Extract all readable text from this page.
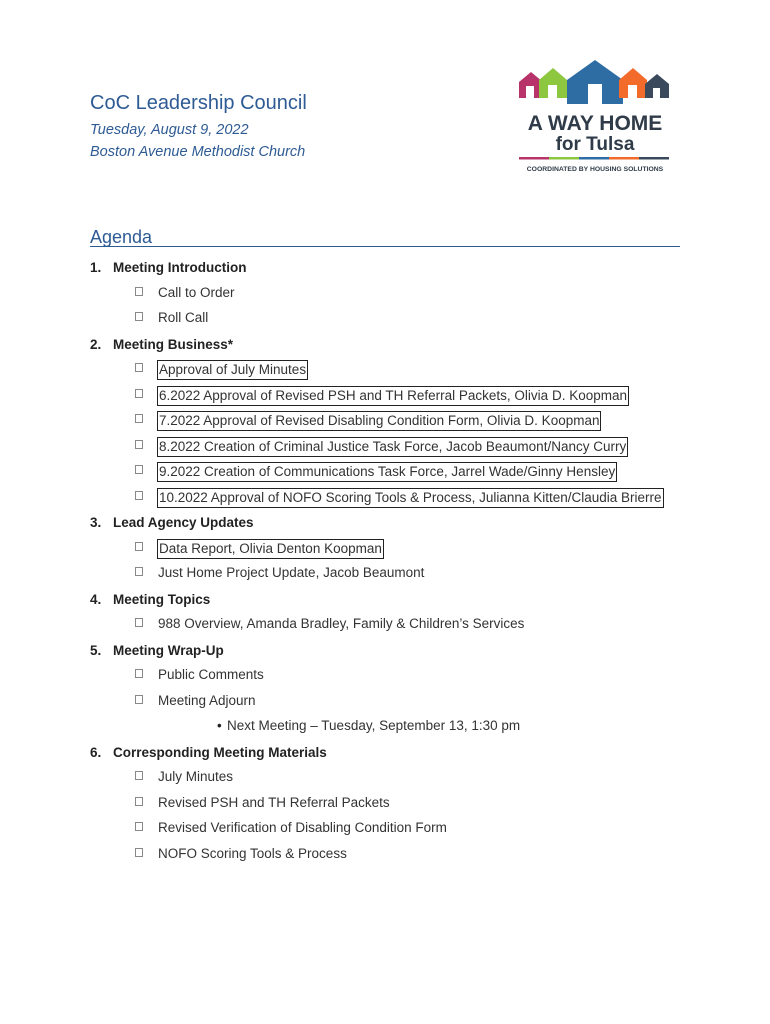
CoC Leadership Council
Tuesday, August 9, 2022
Boston Avenue Methodist Church
A WAY HOME
for Tulsa
COORDINATED BY HOUSING SOLUTIONS
Agenda
1. Meeting Introduction
Call to Order
Roll Call
2. Meeting Business*
Approval of July Minutes
6.2022 Approval of Revised PSH and TH Referral Packets, Olivia D. Koopman
7.2022 Approval of Revised Disabling Condition Form, Olivia D. Koopman
8.2022 Creation of Criminal Justice Task Force, Jacob Beaumont/Nancy Curry
9.2022 Creation of Communications Task Force, Jarrel Wade/Ginny Hensley
10.2022 Approval of NOFO Scoring Tools & Process, Julianna Kitten/Claudia Brierre
3. Lead Agency Updates
Data Report, Olivia Denton Koopman
Just Home Project Update, Jacob Beaumont
4. Meeting Topics
988 Overview, Amanda Bradley, Family & Children’s Services
5. Meeting Wrap-Up
Public Comments
Meeting Adjourn
• Next Meeting – Tuesday, September 13, 1:30 pm
6. Corresponding Meeting Materials
July Minutes
Revised PSH and TH Referral Packets
Revised Verification of Disabling Condition Form
NOFO Scoring Tools & Process
